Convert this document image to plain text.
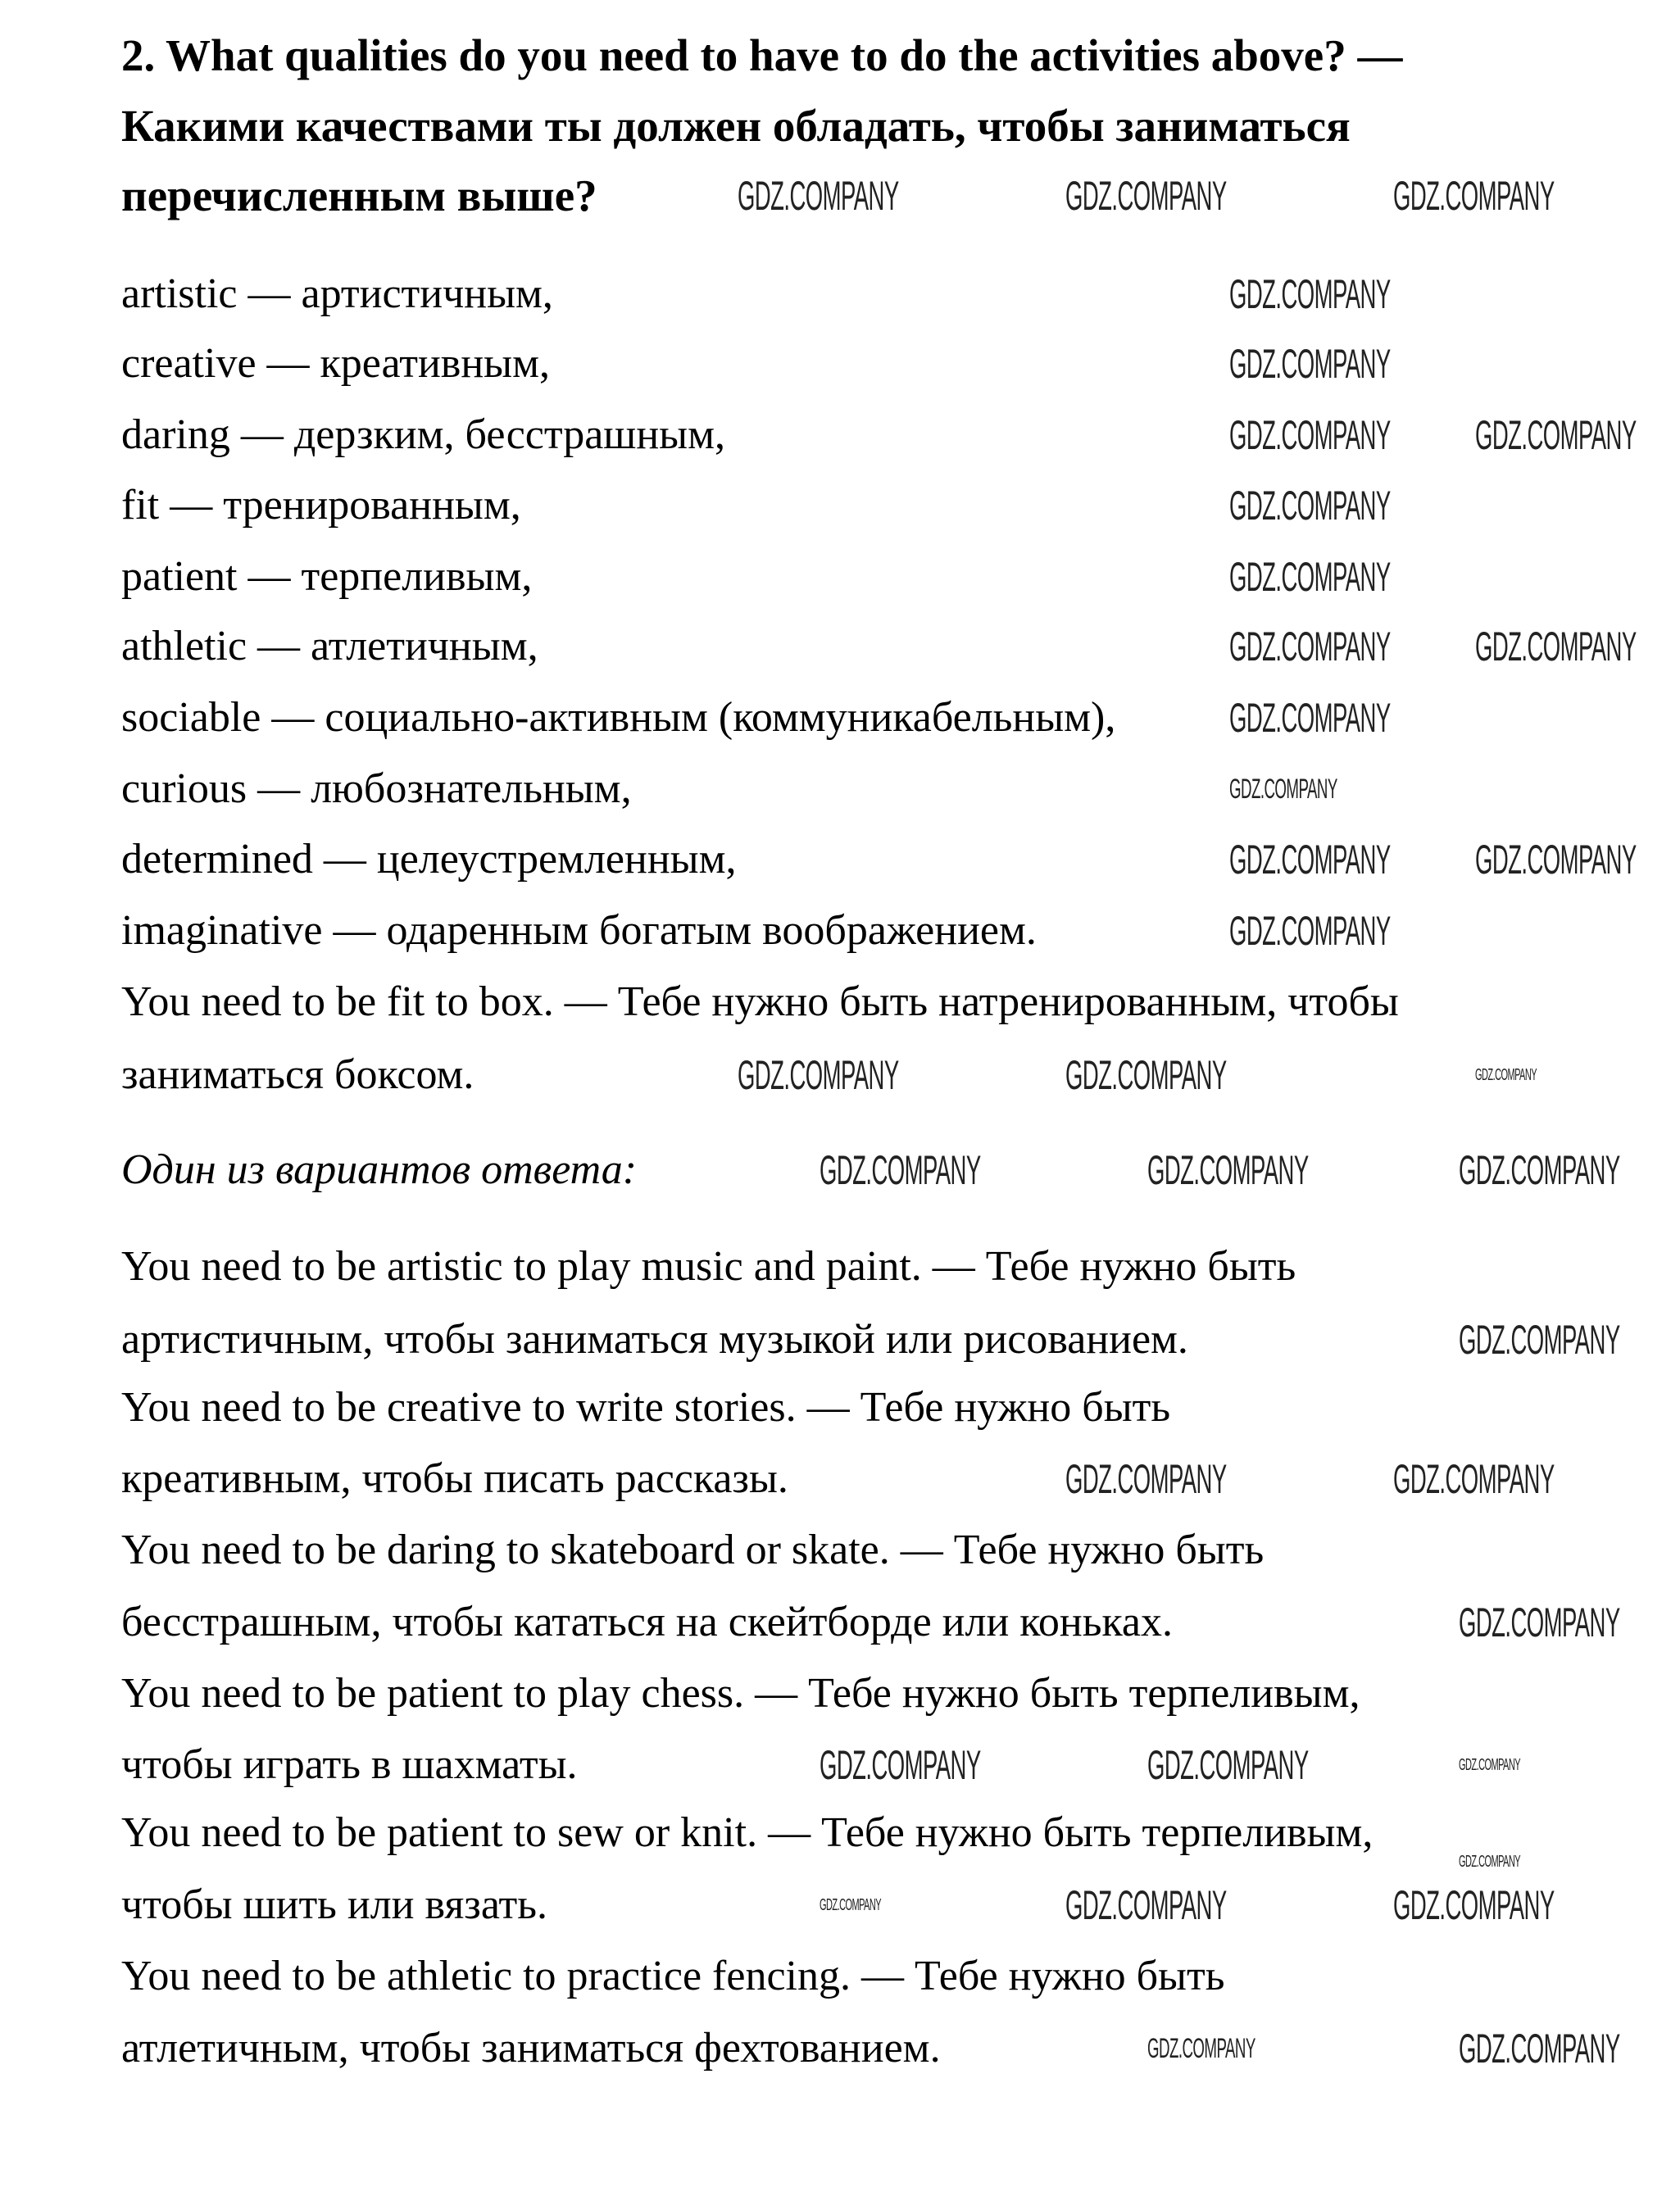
2. What qualities do you need to have to do the activities above? —
Какими качествами ты должен обладать, чтобы заниматься
перечисленным выше?
artistic — артистичным,
creative — креативным,
daring — дерзким, бесстрашным,
fit — тренированным,
patient — терпеливым,
athletic — атлетичным,
sociable — социально-активным (коммуникабельным),
curious — любознательным,
determined — целеустремленным,
imaginative — одаренным богатым воображением.
You need to be fit to box. — Тебе нужно быть натренированным, чтобы
заниматься боксом.
Один из вариантов ответа:
You need to be artistic to play music and paint. — Тебе нужно быть
артистичным, чтобы заниматься музыкой или рисованием.
You need to be creative to write stories. — Тебе нужно быть
креативным, чтобы писать рассказы.
You need to be daring to skateboard or skate. — Тебе нужно быть
бесстрашным, чтобы кататься на скейтборде или коньках.
You need to be patient to play chess. — Тебе нужно быть терпеливым,
чтобы играть в шахматы.
You need to be patient to sew or knit. — Тебе нужно быть терпеливым,
чтобы шить или вязать.
You need to be athletic to practice fencing. — Тебе нужно быть
атлетичным, чтобы заниматься фехтованием.
GDZ.COMPANY	GDZ.COMPANY	GDZ.COMPANY
GDZ.COMPANY
GDZ.COMPANY
GDZ.COMPANY GDZ.COMPANY
GDZ.COMPANY
GDZ.COMPANY
GDZ.COMPANY GDZ.COMPANY
GDZ.COMPANY
GDZ.COMPANY
GDZ.COMPANY GDZ.COMPANY
GDZ.COMPANY
GDZ.COMPANY	GDZ.COMPANY	GDZ.COMPANY
GDZ.COMPANY	GDZ.COMPANY	GDZ.COMPANY
GDZ.COMPANY
GDZ.COMPANY	GDZ.COMPANY
GDZ.COMPANY
GDZ.COMPANY	GDZ.COMPANY	GDZ.COMPANY
GDZ.COMPANY	GDZ.COMPANY	GDZ.COMPANY
GDZ.COMPANY
GDZ.COMPANY	GDZ.COMPANY
